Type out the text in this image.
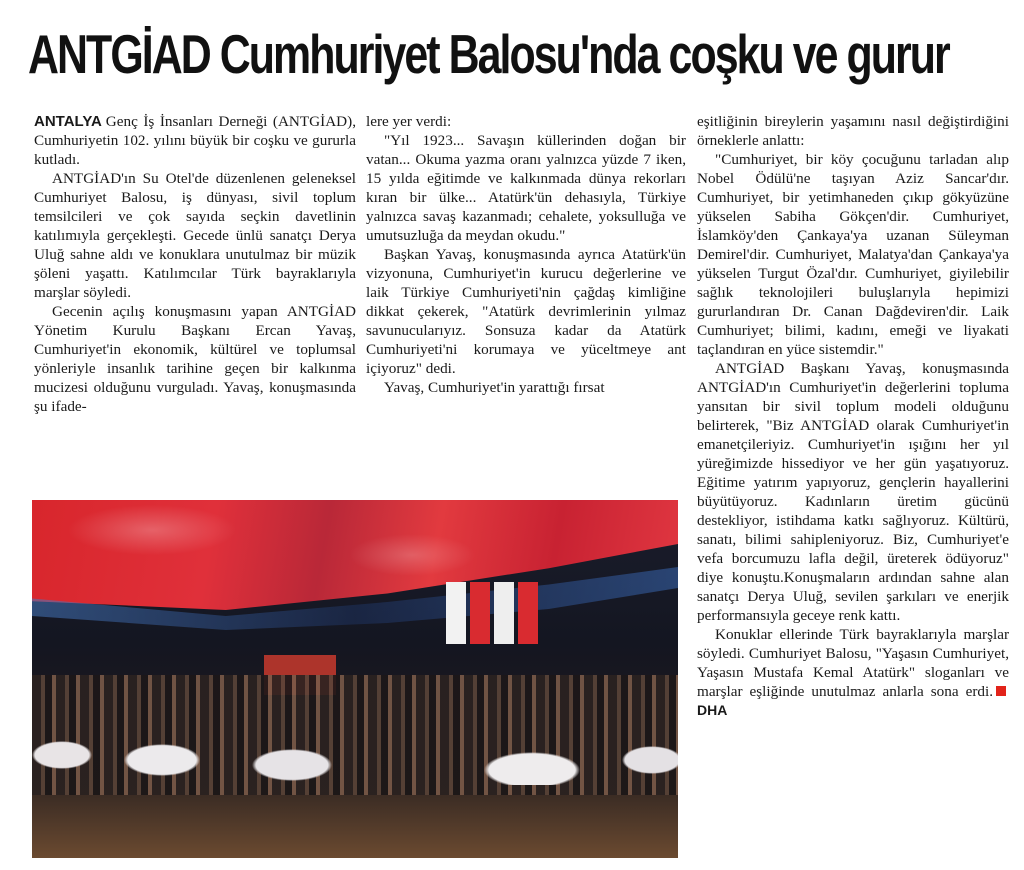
ANTGİAD Cumhuriyet Balosu'nda coşku ve gurur

ANTALYA Genç İş İnsanları Derneği (ANTGİAD), Cumhuriyetin 102. yılını büyük bir coşku ve gururla kutladı.

ANTGİAD'ın Su Otel'de düzenlenen geleneksel Cumhuriyet Balosu, iş dünyası, sivil toplum temsilcileri ve çok sayıda seçkin davetlinin katılımıyla gerçekleşti. Gecede ünlü sanatçı Derya Uluğ sahne aldı ve konuklara unutulmaz bir müzik şöleni yaşattı. Katılımcılar Türk bayraklarıyla marşlar söyledi.

Gecenin açılış konuşmasını yapan ANTGİAD Yönetim Kurulu Başkanı Ercan Yavaş, Cumhuriyet'in ekonomik, kültürel ve toplumsal yönleriyle insanlık tarihine geçen bir kalkınma mucizesi olduğunu vurguladı. Yavaş, konuşmasında şu ifade-

lere yer verdi:

"Yıl 1923... Savaşın küllerinden doğan bir vatan... Okuma yazma oranı yalnızca yüzde 7 iken, 15 yılda eğitimde ve kalkınmada dünya rekorları kıran bir ülke... Atatürk'ün dehasıyla, Türkiye yalnızca savaş kazanmadı; cehalete, yoksulluğa ve umutsuzluğa da meydan okudu."

Başkan Yavaş, konuşmasında ayrıca Atatürk'ün vizyonuna, Cumhuriyet'in kurucu değerlerine ve laik Türkiye Cumhuriyeti'nin çağdaş kimliğine dikkat çekerek, "Atatürk devrimlerinin yılmaz savunucularıyız. Sonsuza kadar da Atatürk Cumhuriyeti'ni korumaya ve yüceltmeye ant içiyoruz" dedi.

Yavaş, Cumhuriyet'in yarattığı fırsat

eşitliğinin bireylerin yaşamını nasıl değiştirdiğini örneklerle anlattı:

"Cumhuriyet, bir köy çocuğunu tarladan alıp Nobel Ödülü'ne taşıyan Aziz Sancar'dır. Cumhuriyet, bir yetimhaneden çıkıp gökyüzüne yükselen Sabiha Gökçen'dir. Cumhuriyet, İslamköy'den Çankaya'ya uzanan Süleyman Demirel'dir. Cumhuriyet, Malatya'dan Çankaya'ya yükselen Turgut Özal'dır. Cumhuriyet, giyilebilir sağlık teknolojileri buluşlarıyla hepimizi gururlandıran Dr. Canan Dağdeviren'dir. Laik Cumhuriyet; bilimi, kadını, emeği ve liyakati taçlandıran en yüce sistemdir."

ANTGİAD Başkanı Yavaş, konuşmasında ANTGİAD'ın Cumhuriyet'in değerlerini topluma yansıtan bir sivil toplum modeli olduğunu belirterek, "Biz ANTGİAD olarak Cumhuriyet'in emanetçileriyiz. Cumhuriyet'in ışığını her yıl yüreğimizde hissediyor ve her gün yaşatıyoruz. Eğitime yatırım yapıyoruz, gençlerin hayallerini büyütüyoruz. Kadınların üretim gücünü destekliyor, istihdama katkı sağlıyoruz. Kültürü, sanatı, bilimi sahipleniyoruz. Biz, Cumhuriyet'e vefa borcumuzu lafla değil, üreterek ödüyoruz" diye konuştu.Konuşmaların ardından sahne alan sanatçı Derya Uluğ, sevilen şarkıları ve enerjik performansıyla geceye renk kattı.

Konuklar ellerinde Türk bayraklarıyla marşlar söyledi. Cumhuriyet Balosu, "Yaşasın Cumhuriyet, Yaşasın Mustafa Kemal Atatürk" sloganları ve marşlar eşliğinde unutulmaz anlarla sona erdi.DHA
